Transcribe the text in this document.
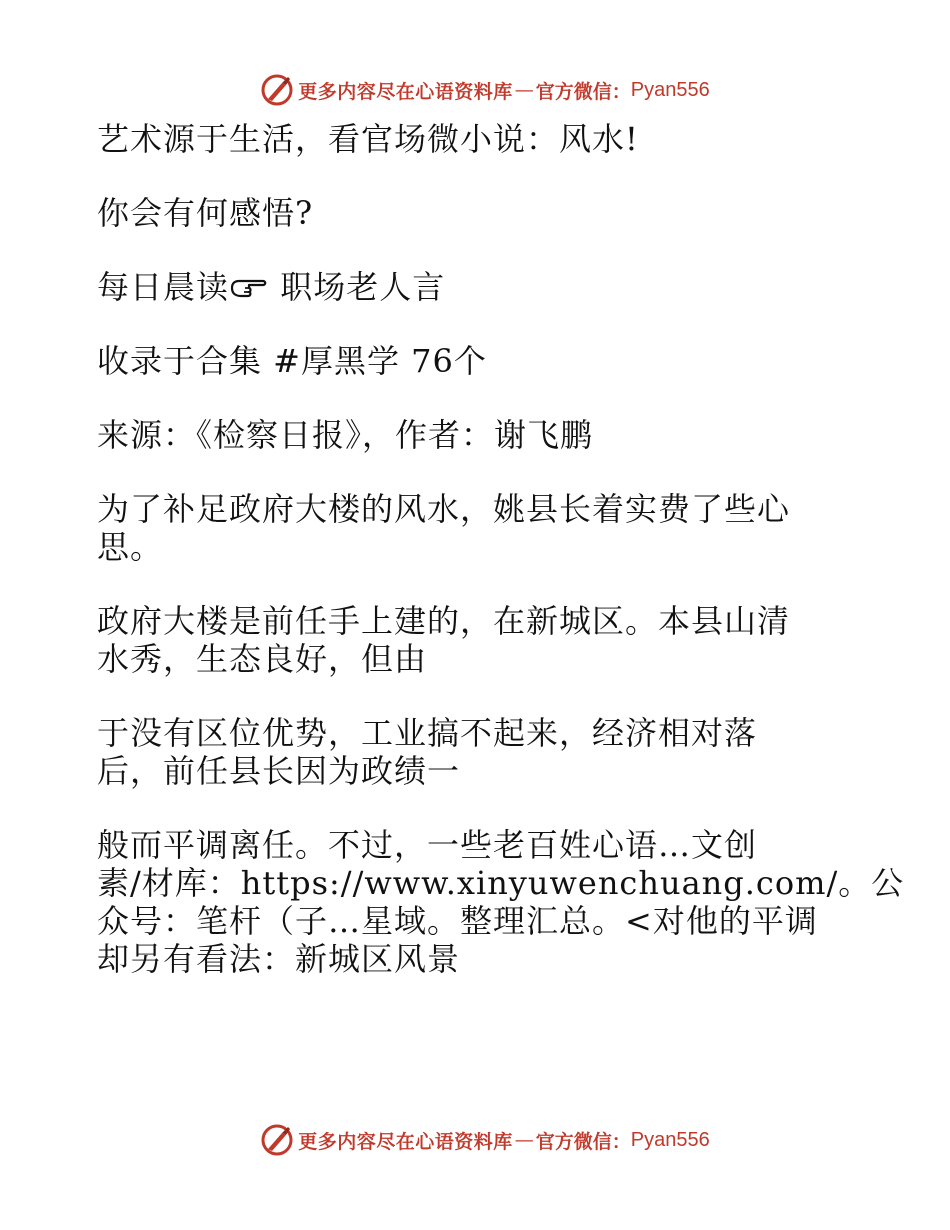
更多内容尽在心语资料库 — 官方微信： Pyan556
艺术源于生活，看官场微小说：风水!
你会有何感悟?
每日晨读 职场老人言
收录于合集 #厚黑学 76个
来源：《检察日报》，作者：谢飞鹏
为了补足政府大楼的风水，姚县长着实费了些心
思。
政府大楼是前任手上建的，在新城区。本县山清
水秀，生态良好，但由
于没有区位优势，工业搞不起来，经济相对落
后，前任县长因为政绩一
般而平调离任。不过，一些老百姓心语…文创
素/材库：https://www.xinyuwenchuang.com/。公
众号：笔杆（子…星域。整理汇总。<对他的平调
却另有看法：新城区风景
更多内容尽在心语资料库 — 官方微信： Pyan556
